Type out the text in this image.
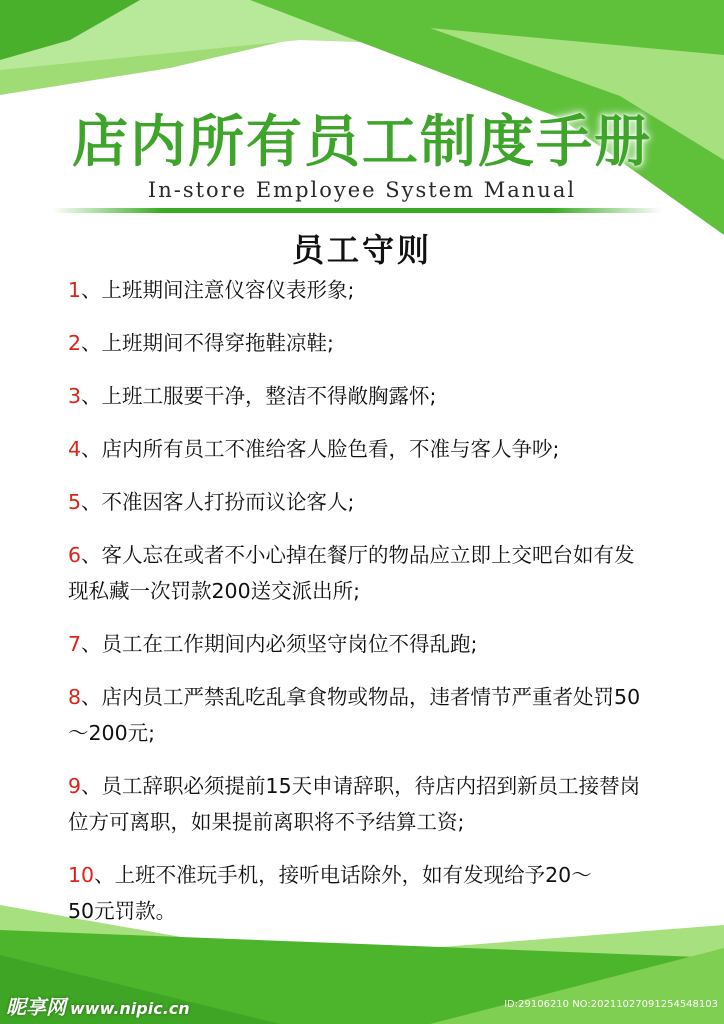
店内所有员工制度手册
In-store Employee System Manual
员工守则
1、上班期间注意仪容仪表形象;
2、上班期间不得穿拖鞋凉鞋;
3、上班工服要干净，整洁不得敞胸露怀;
4、店内所有员工不准给客人脸色看，不准与客人争吵;
5、不准因客人打扮而议论客人;
6、客人忘在或者不小心掉在餐厅的物品应立即上交吧台如有发现私藏一次罚款200送交派出所;
7、员工在工作期间内必须坚守岗位不得乱跑;
8、店内员工严禁乱吃乱拿食物或物品，违者情节严重者处罚50～200元;
9、员工辞职必须提前15天申请辞职，待店内招到新员工接替岗位方可离职，如果提前离职将不予结算工资;
10、上班不准玩手机，接听电话除外，如有发现给予20～50元罚款。
昵享网 www.nipic.cn	ID:29106210 NO:20211027091254548103
